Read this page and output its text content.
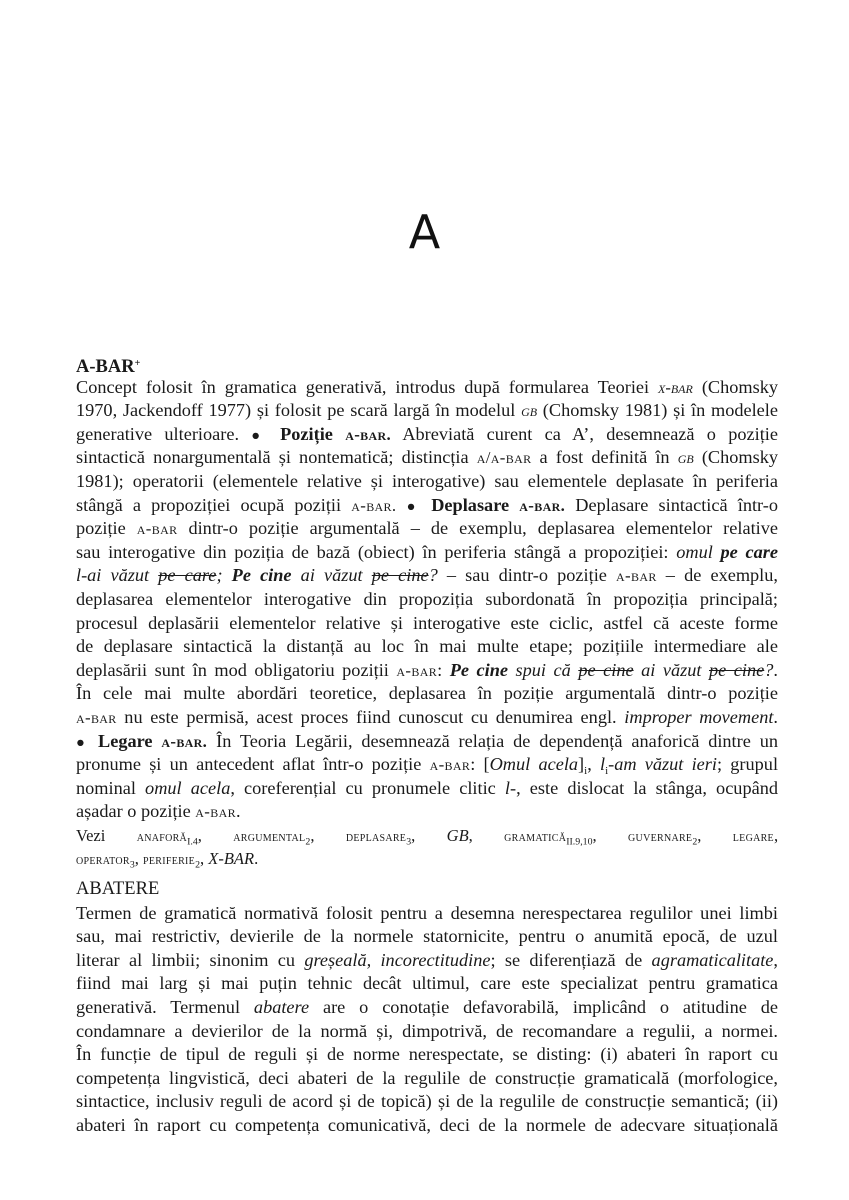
A
A-BAR+
Concept folosit în gramatica generativă, introdus după formularea Teoriei x-bar (Chomsky
1970, Jackendoff 1977) și folosit pe scară largă în modelul gb (Chomsky 1981) și în modelele
generative ulterioare. ● Poziție a-bar. Abreviată curent ca A’, desemnează o poziție
sintactică nonargumentală și nontematică; distincția a/a-bar a fost definită în gb (Chomsky
1981); operatorii (elementele relative și interogative) sau elementele deplasate în periferia
stângă a propoziției ocupă poziții a-bar. ● Deplasare a-bar. Deplasare sintactică într-o
poziție a-bar dintr-o poziție argumentală – de exemplu, deplasarea elementelor relative
sau interogative din poziția de bază (obiect) în periferia stângă a propoziției: omul pe care
l-ai văzut pe care; Pe cine ai văzut pe cine? – sau dintr-o poziție a-bar – de exemplu,
deplasarea elementelor interogative din propoziția subordonată în propoziția principală;
procesul deplasării elementelor relative și interogative este ciclic, astfel că aceste forme
de deplasare sintactică la distanță au loc în mai multe etape; pozițiile intermediare ale
deplasării sunt în mod obligatoriu poziții a-bar: Pe cine spui că pe cine ai văzut pe cine?.
În cele mai multe abordări teoretice, deplasarea în poziție argumentală dintr-o poziție
a-bar nu este permisă, acest proces fiind cunoscut cu denumirea engl. improper movement.
● Legare a-bar. În Teoria Legării, desemnează relația de dependență anaforică dintre un
pronume și un antecedent aflat într-o poziție a-bar: [Omul $acela]_i$, $l_i-am$ văzut ieri; grupul
nominal omul acela, coreferențial cu pronumele clitic l-, este dislocat la stânga, ocupând
așadar o poziție a-bar.
Vezi anaforă$_{I.4}$, argumental$_2$, deplasare$_3$, GB, gramatică$_{II.9,10}$, guvernare$_2$, legare,
operator$_3$, periferie$_2$, X-BAR.
ABATERE
Termen de gramatică normativă folosit pentru a desemna nerespectarea regulilor unei limbi
sau, mai restrictiv, devierile de la normele statornicite, pentru o anumită epocă, de uzul
literar al limbii; sinonim cu greșeală, incorectitudine; se diferențiază de agramaticalitate,
fiind mai larg și mai puțin tehnic decât ultimul, care este specializat pentru gramatica
generativă. Termenul abatere are o conotație defavorabilă, implicând o atitudine de
condamnare a devierilor de la normă și, dimpotrivă, de recomandare a regulii, a normei.
În funcție de tipul de reguli și de norme nerespectate, se disting: (i) abateri în raport cu
competența lingvistică, deci abateri de la regulile de construcție gramaticală (morfologice,
sintactice, inclusiv reguli de acord și de topică) și de la regulile de construcție semantică; (ii)
abateri în raport cu competența comunicativă, deci de la normele de adecvare situațională
